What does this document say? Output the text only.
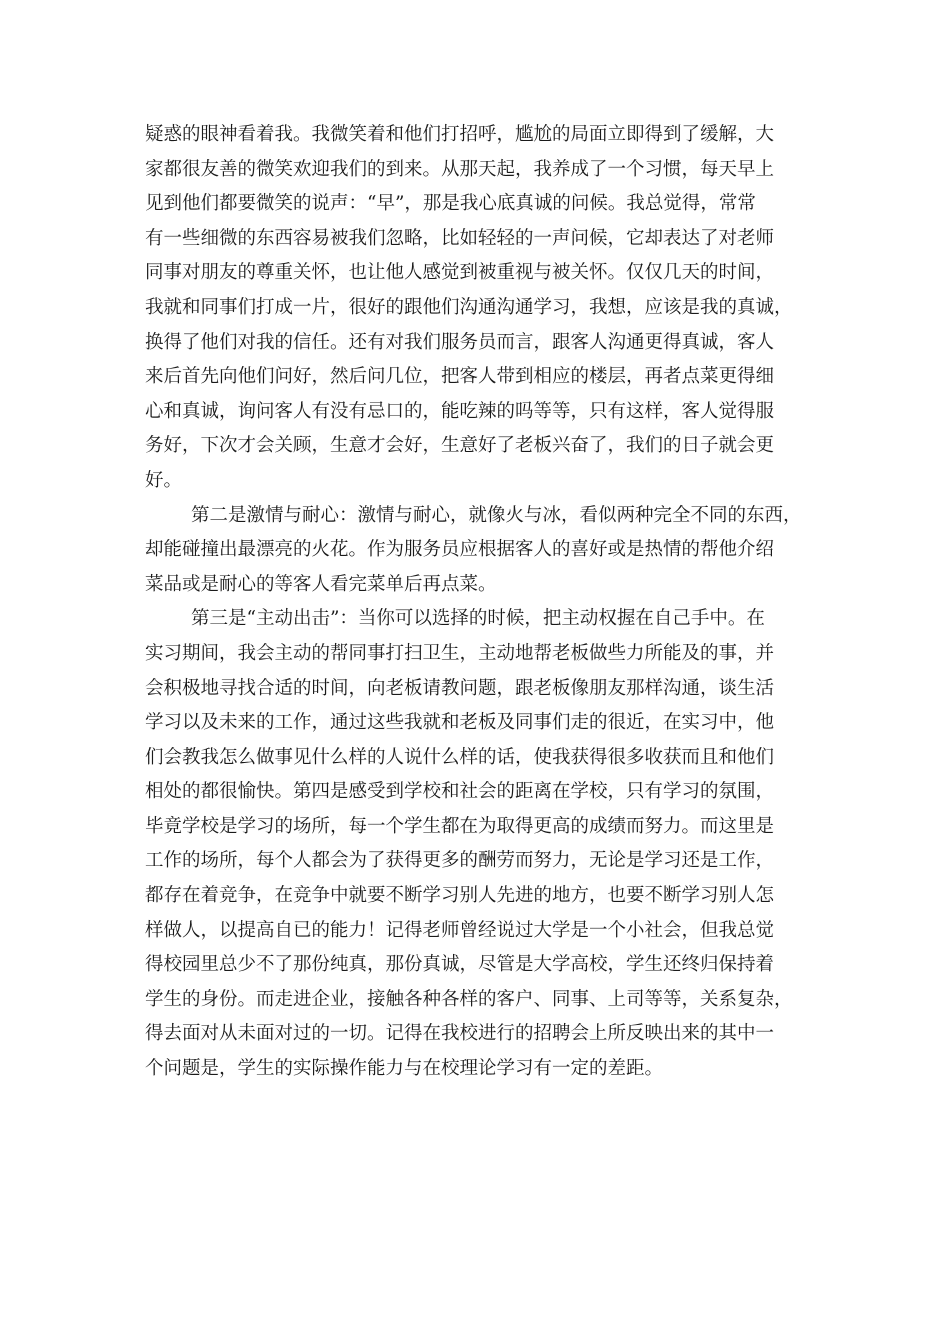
疑惑的眼神看着我。我微笑着和他们打招呼，尴尬的局面立即得到了缓解，大
家都很友善的微笑欢迎我们的到来。从那天起，我养成了一个习惯，每天早上
见到他们都要微笑的说声：“早”，那是我心底真诚的问候。我总觉得，常常
有一些细微的东西容易被我们忽略，比如轻轻的一声问候，它却表达了对老师
同事对朋友的尊重关怀，也让他人感觉到被重视与被关怀。仅仅几天的时间，
我就和同事们打成一片，很好的跟他们沟通沟通学习，我想，应该是我的真诚，
换得了他们对我的信任。还有对我们服务员而言，跟客人沟通更得真诚，客人
来后首先向他们问好，然后问几位，把客人带到相应的楼层，再者点菜更得细
心和真诚，询问客人有没有忌口的，能吃辣的吗等等，只有这样，客人觉得服
务好，下次才会关顾，生意才会好，生意好了老板兴奋了，我们的日子就会更
好。
第二是激情与耐心：激情与耐心，就像火与冰，看似两种完全不同的东西，
却能碰撞出最漂亮的火花。作为服务员应根据客人的喜好或是热情的帮他介绍
菜品或是耐心的等客人看完菜单后再点菜。
第三是“主动出击”：当你可以选择的时候，把主动权握在自己手中。在
实习期间，我会主动的帮同事打扫卫生，主动地帮老板做些力所能及的事，并
会积极地寻找合适的时间，向老板请教问题，跟老板像朋友那样沟通，谈生活
学习以及未来的工作，通过这些我就和老板及同事们走的很近，在实习中，他
们会教我怎么做事见什么样的人说什么样的话，使我获得很多收获而且和他们
相处的都很愉快。第四是感受到学校和社会的距离在学校，只有学习的氛围，
毕竟学校是学习的场所，每一个学生都在为取得更高的成绩而努力。而这里是
工作的场所，每个人都会为了获得更多的酬劳而努力，无论是学习还是工作，
都存在着竞争，在竞争中就要不断学习别人先进的地方，也要不断学习别人怎
样做人，以提高自已的能力！记得老师曾经说过大学是一个小社会，但我总觉
得校园里总少不了那份纯真，那份真诚，尽管是大学高校，学生还终归保持着
学生的身份。而走进企业，接触各种各样的客户、同事、上司等等，关系复杂，
得去面对从未面对过的一切。记得在我校进行的招聘会上所反映出来的其中一
个问题是，学生的实际操作能力与在校理论学习有一定的差距。
